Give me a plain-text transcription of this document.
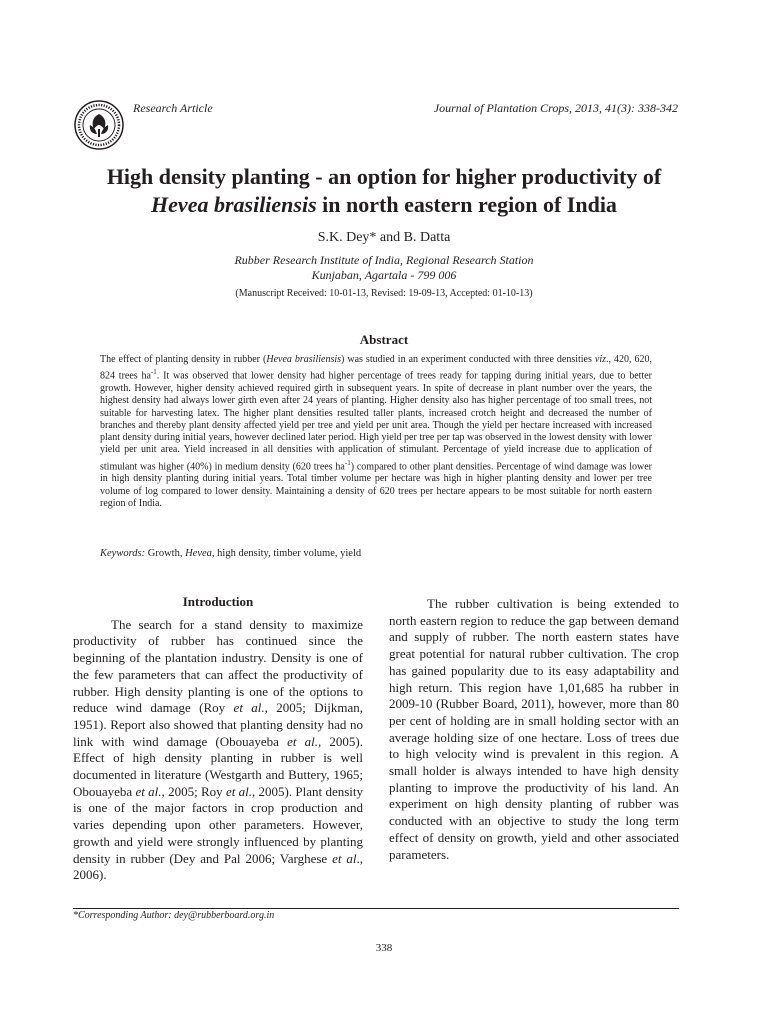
Research Article	Journal of Plantation Crops, 2013, 41(3): 338-342
High density planting - an option for higher productivity of
Hevea brasiliensis in north eastern region of India
S.K. Dey* and B. Datta
Rubber Research Institute of India, Regional Research Station
Kunjaban, Agartala - 799 006
(Manuscript Received: 10-01-13, Revised: 19-09-13, Accepted: 01-10-13)
Abstract
The effect of planting density in rubber (Hevea brasiliensis) was studied in an experiment conducted with three densities viz., 420, 620, 824 trees $ha^{-1}$. It was observed that lower density had higher percentage of trees ready for tapping during initial years, due to better growth. However, higher density achieved required girth in subsequent years. In spite of decrease in plant number over the years, the highest density had always lower girth even after 24 years of planting. Higher density also has higher percentage of too small trees, not suitable for harvesting latex. The higher plant densities resulted taller plants, increased crotch height and decreased the number of branches and thereby plant density affected yield per tree and yield per unit area. Though the yield per hectare increased with increased plant density during initial years, however declined later period. High yield per tree per tap was observed in the lowest density with lower yield per unit area. Yield increased in all densities with application of stimulant. Percentage of yield increase due to application of stimulant was higher (40%) in medium density (620 trees $ha^{-1}$) compared to other plant densities. Percentage of wind damage was lower in high density planting during initial years. Total timber volume per hectare was high in higher planting density and lower per tree volume of log compared to lower density. Maintaining a density of 620 trees per hectare appears to be most suitable for north eastern region of India.
Keywords: Growth, Hevea, high density, timber volume, yield
Introduction

The search for a stand density to maximize productivity of rubber has continued since the beginning of the plantation industry. Density is one of the few parameters that can affect the productivity of rubber. High density planting is one of the options to reduce wind damage (Roy et al., 2005; Dijkman, 1951). Report also showed that planting density had no link with wind damage (Obouayeba et al., 2005). Effect of high density planting in rubber is well documented in literature (Westgarth and Buttery, 1965; Obouayeba et al., 2005; Roy et al., 2005). Plant density is one of the major factors in crop production and varies depending upon other parameters. However, growth and yield were strongly influenced by planting density in rubber (Dey and Pal 2006; Varghese et al., 2006).

The rubber cultivation is being extended to north eastern region to reduce the gap between demand and supply of rubber. The north eastern states have great potential for natural rubber cultivation. The crop has gained popularity due to its easy adaptability and high return. This region have 1,01,685 ha rubber in 2009-10 (Rubber Board, 2011), however, more than 80 per cent of holding are in small holding sector with an average holding size of one hectare. Loss of trees due to high velocity wind is prevalent in this region. A small holder is always intended to have high density planting to improve the productivity of his land. An experiment on high density planting of rubber was conducted with an objective to study the long term effect of density on growth, yield and other associated parameters.

*Corresponding Author: dey@rubberboard.org.in
338
